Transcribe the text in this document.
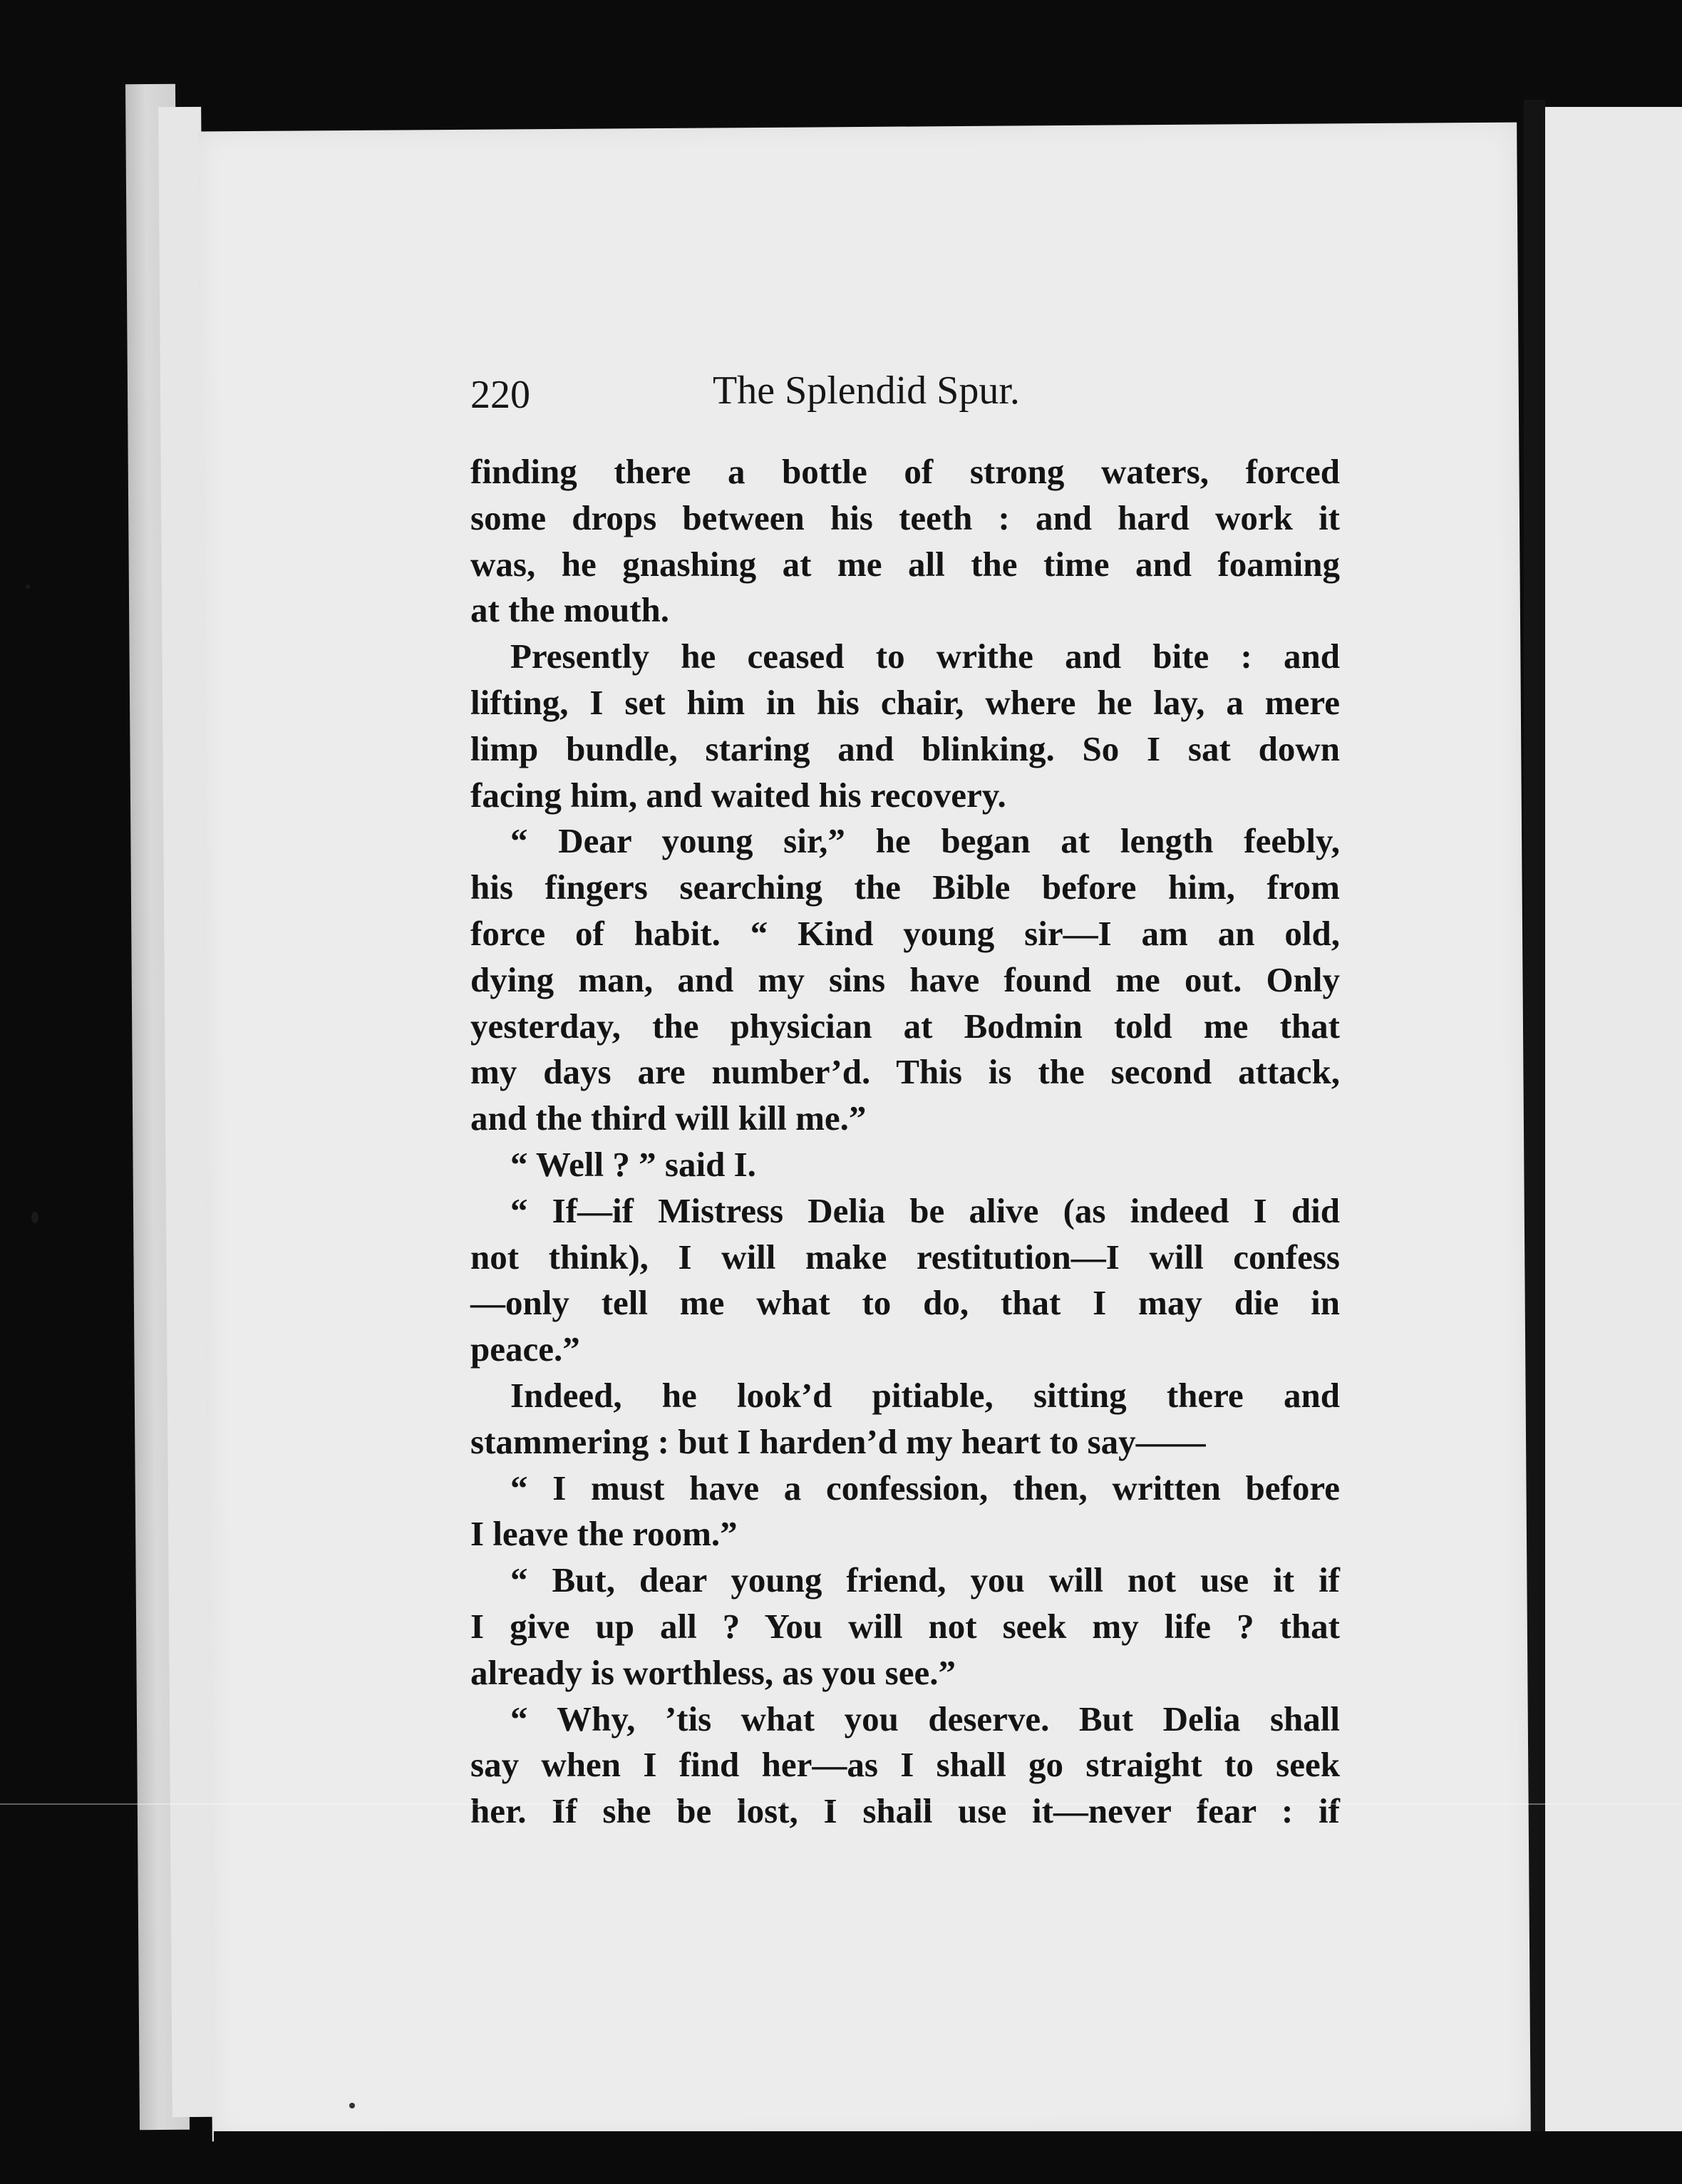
220	The Splendid Spur.
finding there a bottle of strong waters, forced
some drops between his teeth : and hard work it
was, he gnashing at me all the time and foaming
at the mouth.
Presently he ceased to writhe and bite : and
lifting, I set him in his chair, where he lay, a mere
limp bundle, staring and blinking. So I sat down
facing him, and waited his recovery.
“ Dear young sir,” he began at length feebly,
his fingers searching the Bible before him, from
force of habit. “ Kind young sir—I am an old,
dying man, and my sins have found me out. Only
yesterday, the physician at Bodmin told me that
my days are number’d. This is the second attack,
and the third will kill me.”
“ Well ? ” said I.
“ If—if Mistress Delia be alive (as indeed I did
not think), I will make restitution—I will confess
—only tell me what to do, that I may die in
peace.”
Indeed, he look’d pitiable, sitting there and
stammering : but I harden’d my heart to say——
“ I must have a confession, then, written before
I leave the room.”
“ But, dear young friend, you will not use it if
I give up all ? You will not seek my life ? that
already is worthless, as you see.”
“ Why, ’tis what you deserve. But Delia shall
say when I find her—as I shall go straight to seek
her. If she be lost, I shall use it—never fear : if
